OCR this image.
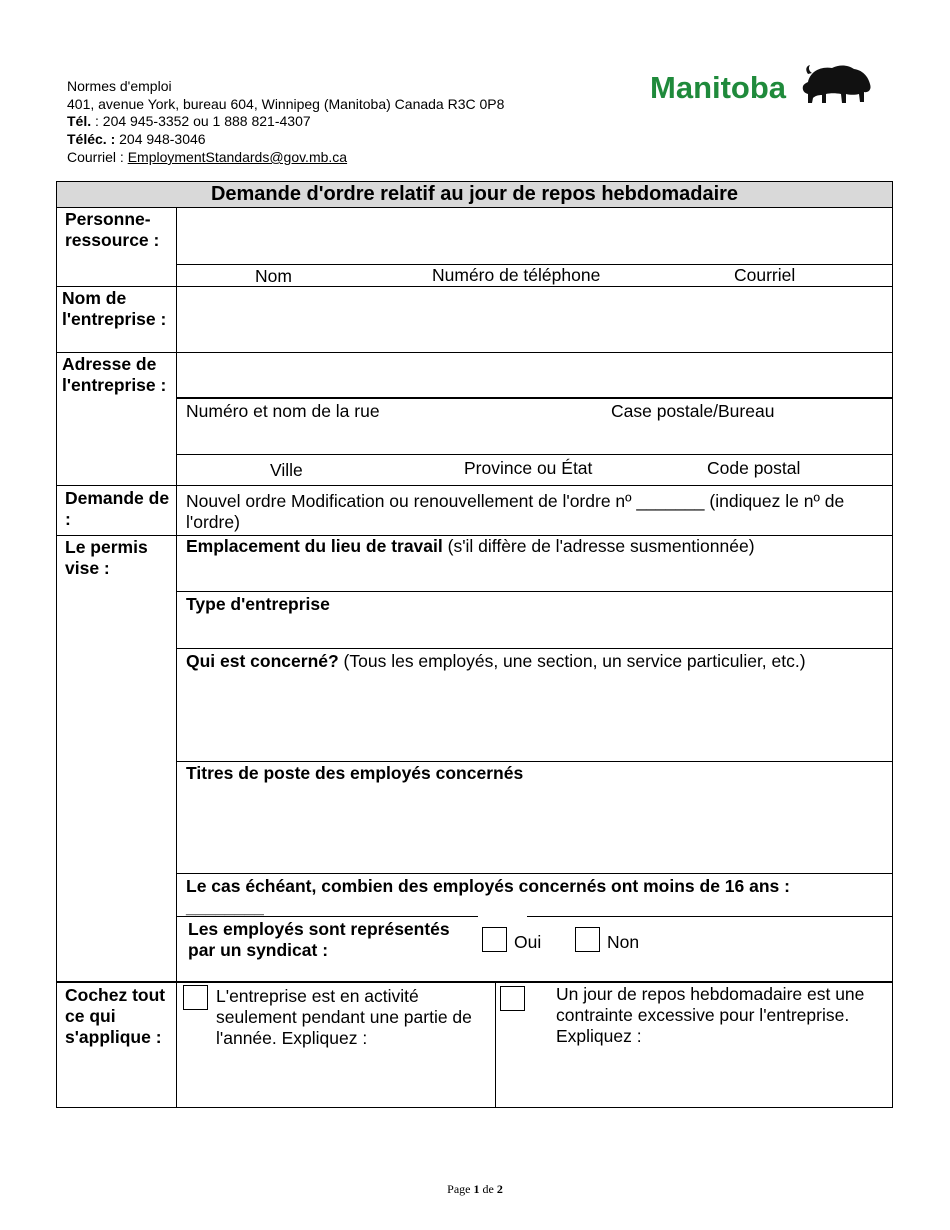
Normes d'emploi
401, avenue York, bureau 604, Winnipeg (Manitoba) Canada R3C 0P8
Tél. : 204 945-3352 ou 1 888 821-4307
Téléc. : 204 948-3046
Courriel : EmploymentStandards@gov.mb.ca
Manitoba
Demande d'ordre relatif au jour de repos hebdomadaire
Personne-ressource :
Nom	Numéro de téléphone	Courriel
Nom de l'entreprise :
Adresse de l'entreprise :
Numéro et nom de la rue	Case postale/Bureau
Ville	Province ou État	Code postal
Demande de :
Nouvel ordre Modification ou renouvellement de l'ordre nº _______ (indiquez le nº de l'ordre)
Le permis vise :
Emplacement du lieu de travail (s'il diffère de l'adresse susmentionnée)
Type d'entreprise
Qui est concerné? (Tous les employés, une section, un service particulier, etc.)
Titres de poste des employés concernés
Le cas échéant, combien des employés concernés ont moins de 16 ans : ________
Les employés sont représentés par un syndicat :	Oui	Non
Cochez tout ce qui s'applique :
L'entreprise est en activité seulement pendant une partie de l'année. Expliquez :
Un jour de repos hebdomadaire est une contrainte excessive pour l'entreprise. Expliquez :
Page 1 de 2
